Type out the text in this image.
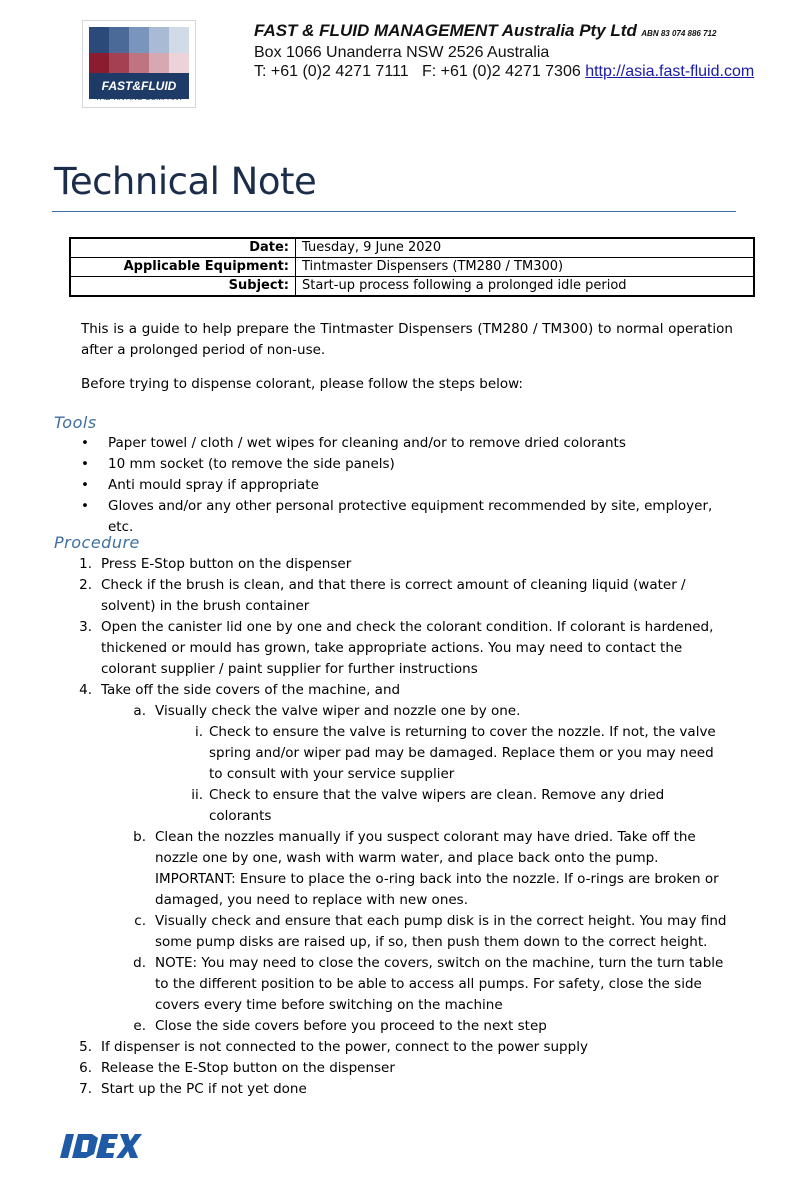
FAST&FLUID
THE TINTING COMPANY
FAST & FLUID MANAGEMENT Australia Pty Ltd ABN 83 074 886 712
Box 1066 Unanderra NSW 2526 Australia
T: +61 (0)2 4271 7111   F: +61 (0)2 4271 7306 http://asia.fast-fluid.com
Technical Note
Date:	Tuesday, 9 June 2020
Applicable Equipment:	Tintmaster Dispensers (TM280 / TM300)
Subject:	Start-up process following a prolonged idle period
This is a guide to help prepare the Tintmaster Dispensers (TM280 / TM300) to normal operation after a prolonged period of non-use.
Before trying to dispense colorant, please follow the steps below:
Tools
•	Paper towel / cloth / wet wipes for cleaning and/or to remove dried colorants
•	10 mm socket (to remove the side panels)
•	Anti mould spray if appropriate
•	Gloves and/or any other personal protective equipment recommended by site, employer, etc.
Procedure
1. Press E-Stop button on the dispenser
2. Check if the brush is clean, and that there is correct amount of cleaning liquid (water / solvent) in the brush container
3. Open the canister lid one by one and check the colorant condition. If colorant is hardened, thickened or mould has grown, take appropriate actions. You may need to contact the colorant supplier / paint supplier for further instructions
4. Take off the side covers of the machine, and
a. Visually check the valve wiper and nozzle one by one.
i. Check to ensure the valve is returning to cover the nozzle. If not, the valve spring and/or wiper pad may be damaged. Replace them or you may need to consult with your service supplier
ii. Check to ensure that the valve wipers are clean. Remove any dried colorants
b. Clean the nozzles manually if you suspect colorant may have dried. Take off the nozzle one by one, wash with warm water, and place back onto the pump. IMPORTANT: Ensure to place the o-ring back into the nozzle. If o-rings are broken or damaged, you need to replace with new ones.
c. Visually check and ensure that each pump disk is in the correct height. You may find some pump disks are raised up, if so, then push them down to the correct height.
d. NOTE: You may need to close the covers, switch on the machine, turn the turn table to the different position to be able to access all pumps. For safety, close the side covers every time before switching on the machine
e. Close the side covers before you proceed to the next step
5. If dispenser is not connected to the power, connect to the power supply
6. Release the E-Stop button on the dispenser
7. Start up the PC if not yet done
